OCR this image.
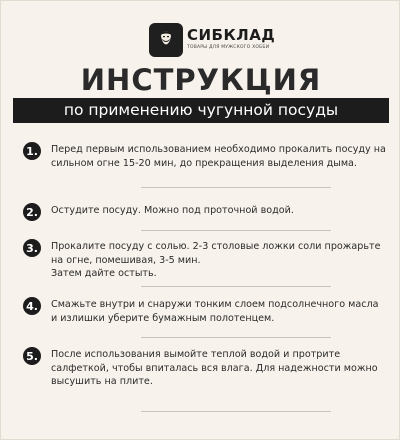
СИБКЛАД
ТОВАРЫ ДЛЯ МУЖСКОГО ХОББИ
ИНСТРУКЦИЯ
по применению чугунной посуды
1.	Перед первым использованием необходимо прокалить посуду на сильном огне 15-20 мин, до прекращения выделения дыма.
2.	Остудите посуду. Можно под проточной водой.
3.	Прокалите посуду с солью. 2-3 столовые ложки соли прожарьте на огне, помешивая, 3-5 мин.
Затем дайте остыть.
4.	Смажьте внутри и снаружи тонким слоем подсолнечного масла и излишки уберите бумажным полотенцем.
5.	После использования вымойте теплой водой и протрите салфеткой, чтобы впиталась вся влага. Для надежности можно высушить на плите.
